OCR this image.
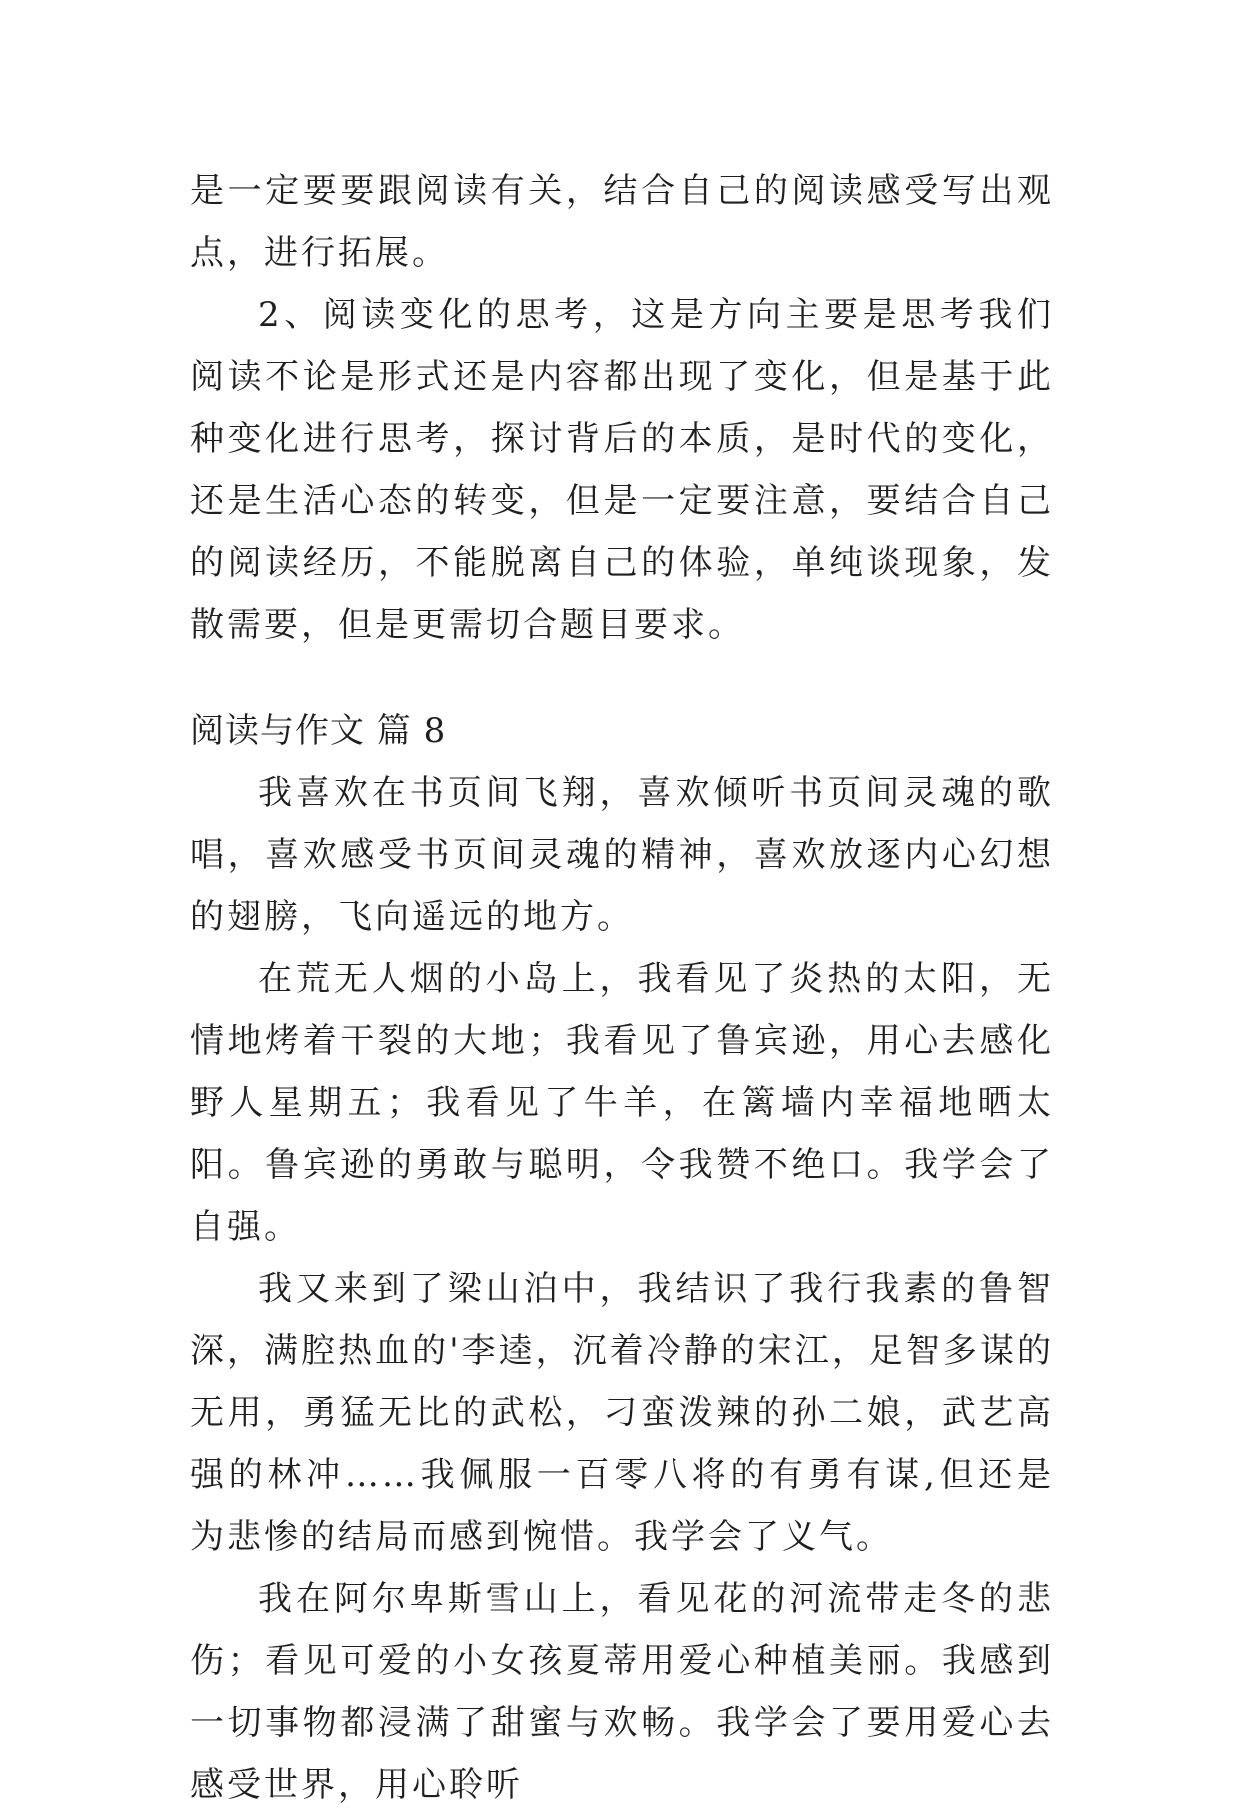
是一定要要跟阅读有关，结合自己的阅读感受写出观点，进行拓展。

2、阅读变化的思考，这是方向主要是思考我们阅读不论是形式还是内容都出现了变化，但是基于此种变化进行思考，探讨背后的本质，是时代的变化，还是生活心态的转变，但是一定要注意，要结合自己的阅读经历，不能脱离自己的体验，单纯谈现象，发散需要，但是更需切合题目要求。

阅读与作文 篇 8

我喜欢在书页间飞翔，喜欢倾听书页间灵魂的歌唱，喜欢感受书页间灵魂的精神，喜欢放逐内心幻想的翅膀，飞向遥远的地方。

在荒无人烟的小岛上，我看见了炎热的太阳，无情地烤着干裂的大地；我看见了鲁宾逊，用心去感化野人星期五；我看见了牛羊，在篱墙内幸福地晒太阳。鲁宾逊的勇敢与聪明，令我赞不绝口。我学会了自强。

我又来到了梁山泊中，我结识了我行我素的鲁智深，满腔热血的'李逵，沉着冷静的宋江，足智多谋的无用，勇猛无比的武松，刁蛮泼辣的孙二娘，武艺高强的林冲……我佩服一百零八将的有勇有谋,但还是为悲惨的结局而感到惋惜。我学会了义气。

我在阿尔卑斯雪山上，看见花的河流带走冬的悲伤；看见可爱的小女孩夏蒂用爱心种植美丽。我感到一切事物都浸满了甜蜜与欢畅。我学会了要用爱心去感受世界，用心聆听
